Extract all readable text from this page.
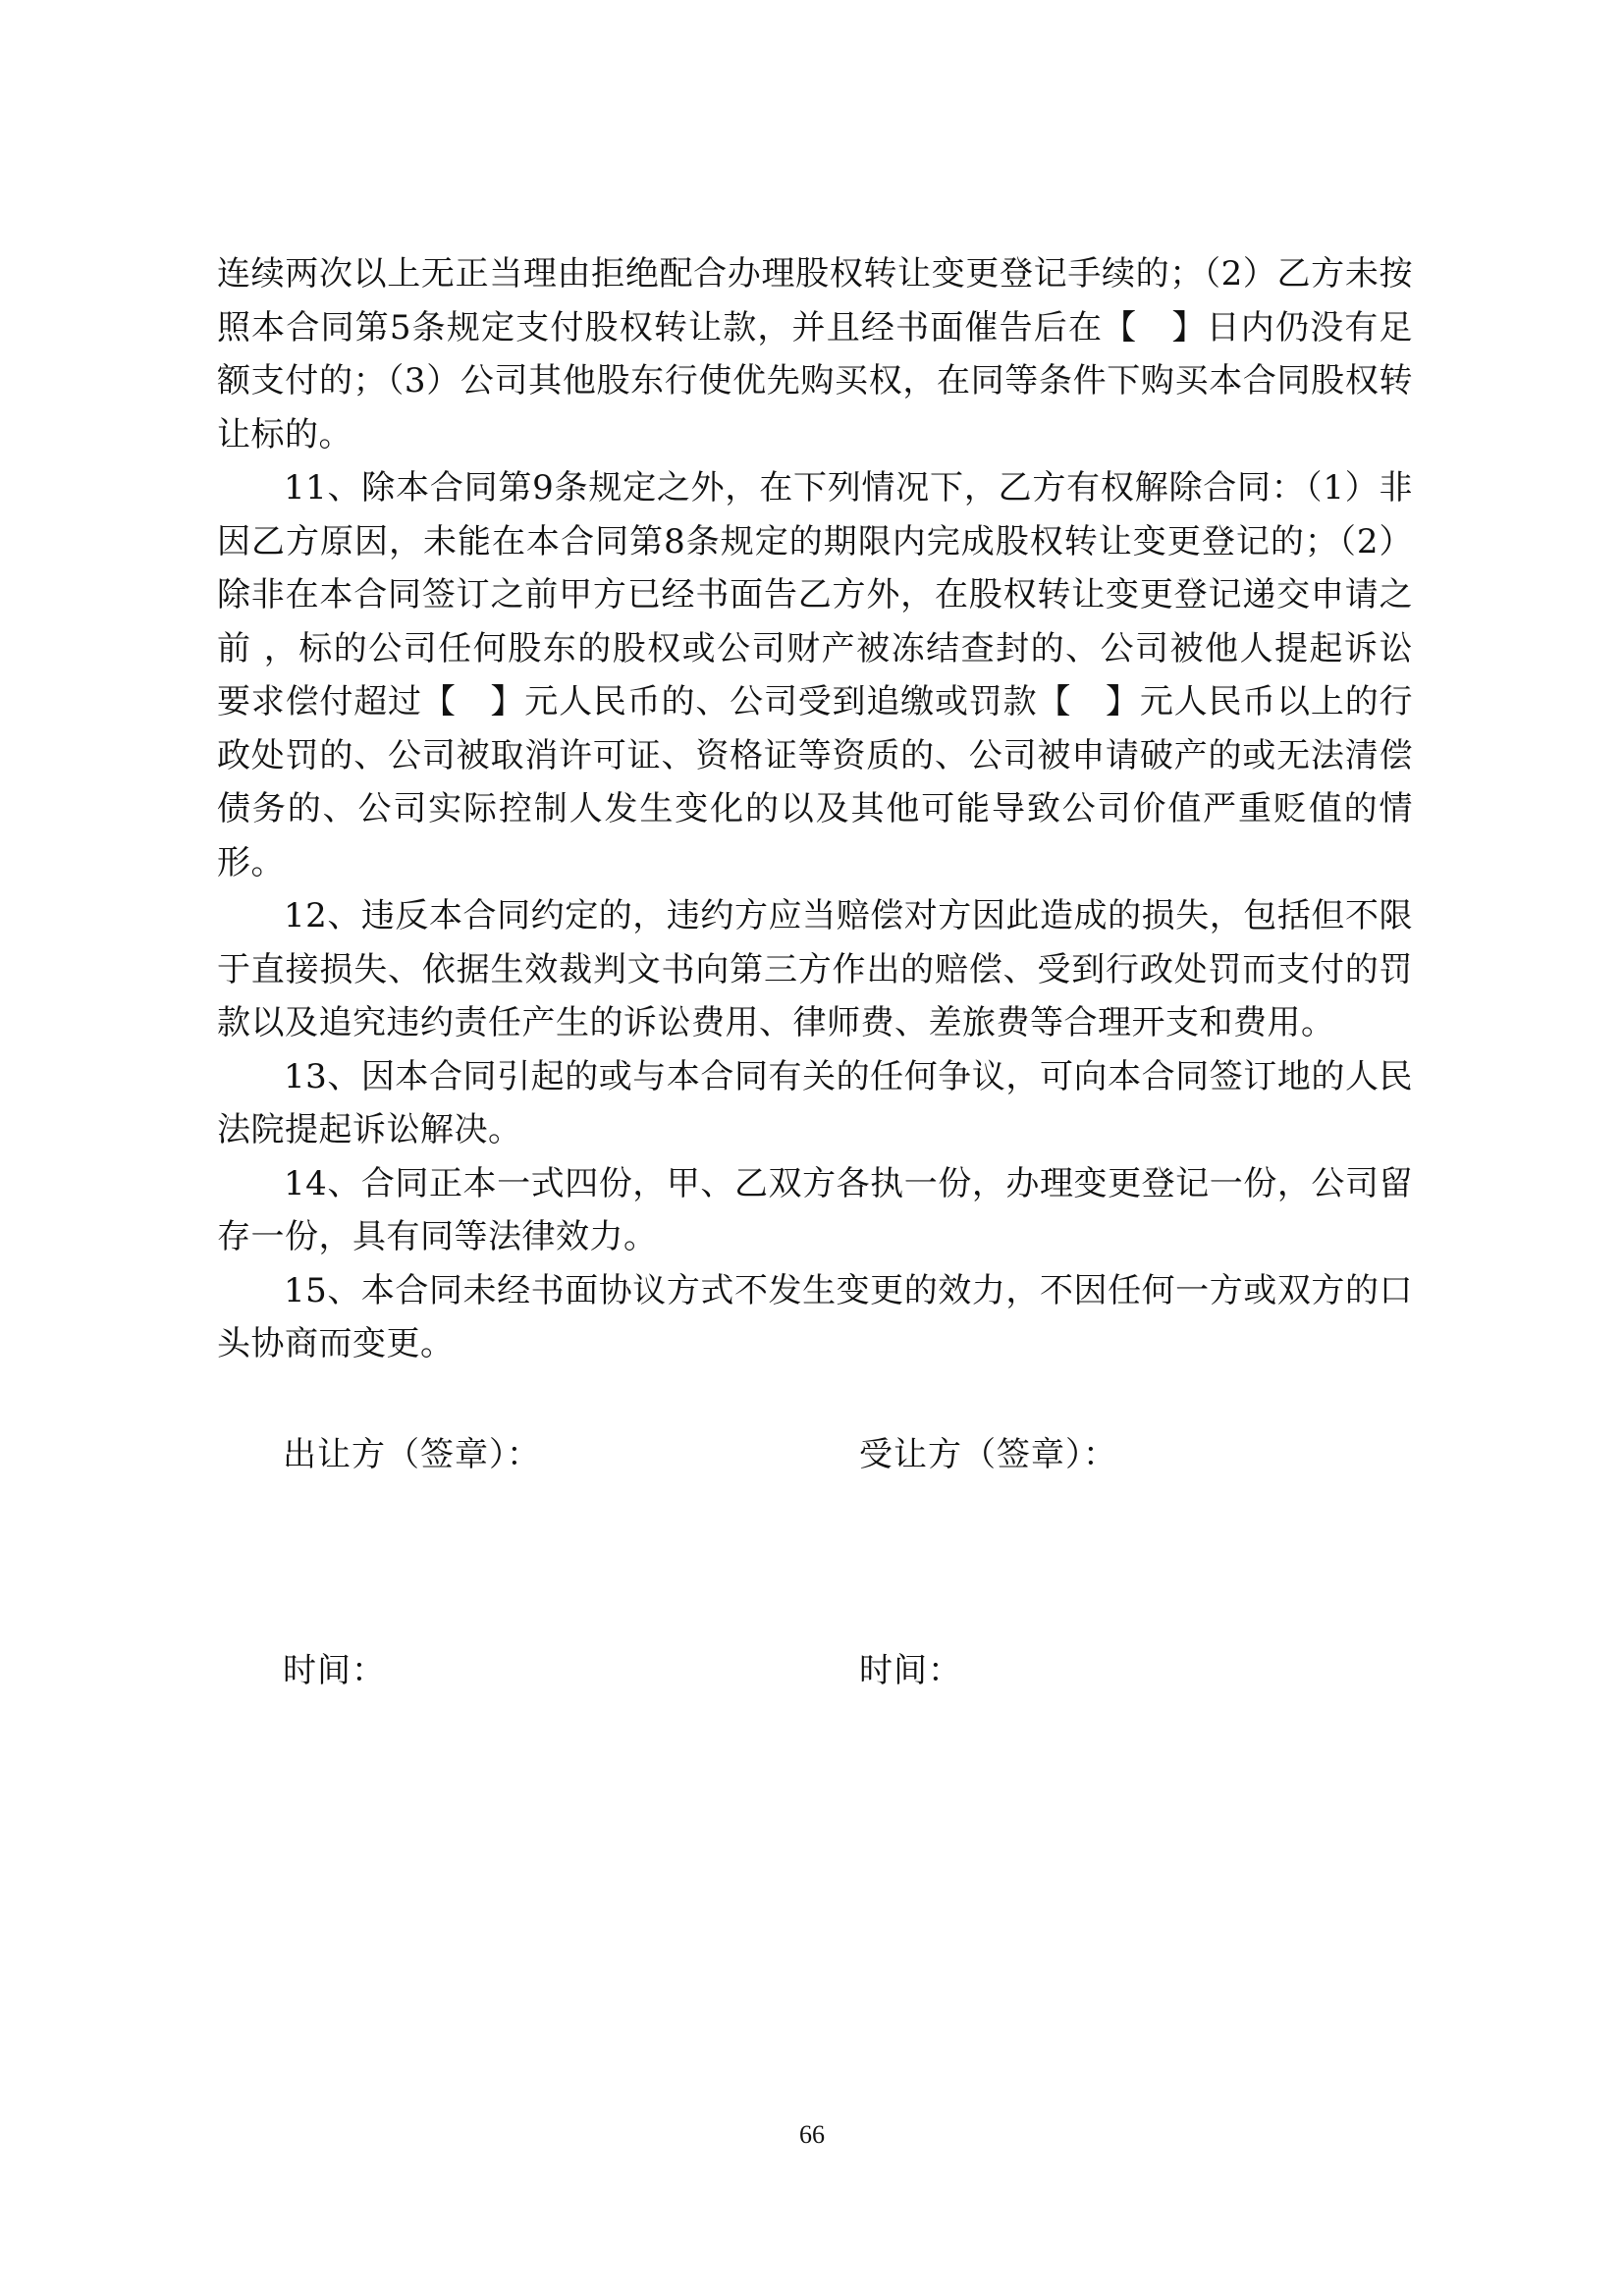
连续两次以上无正当理由拒绝配合办理股权转让变更登记手续的；（2）乙方未按照本合同第5条规定支付股权转让款，并且经书面催告后在【　】日内仍没有足额支付的；（3）公司其他股东行使优先购买权，在同等条件下购买本合同股权转让标的。

11、除本合同第9条规定之外，在下列情况下，乙方有权解除合同：（1）非因乙方原因，未能在本合同第8条规定的期限内完成股权转让变更登记的；（2）除非在本合同签订之前甲方已经书面告乙方外，在股权转让变更登记递交申请之前 ，标的公司任何股东的股权或公司财产被冻结查封的、公司被他人提起诉讼要求偿付超过【　】元人民币的、公司受到追缴或罚款【　】元人民币以上的行政处罚的、公司被取消许可证、资格证等资质的、公司被申请破产的或无法清偿债务的、公司实际控制人发生变化的以及其他可能导致公司价值严重贬值的情形。

12、违反本合同约定的，违约方应当赔偿对方因此造成的损失，包括但不限于直接损失、依据生效裁判文书向第三方作出的赔偿、受到行政处罚而支付的罚款以及追究违约责任产生的诉讼费用、律师费、差旅费等合理开支和费用。

13、因本合同引起的或与本合同有关的任何争议，可向本合同签订地的人民法院提起诉讼解决。

14、合同正本一式四份，甲、乙双方各执一份，办理变更登记一份，公司留存一份，具有同等法律效力。

15、本合同未经书面协议方式不发生变更的效力，不因任何一方或双方的口头协商而变更。

出让方（签章）：	受让方（签章）：
时间：	时间：
66
